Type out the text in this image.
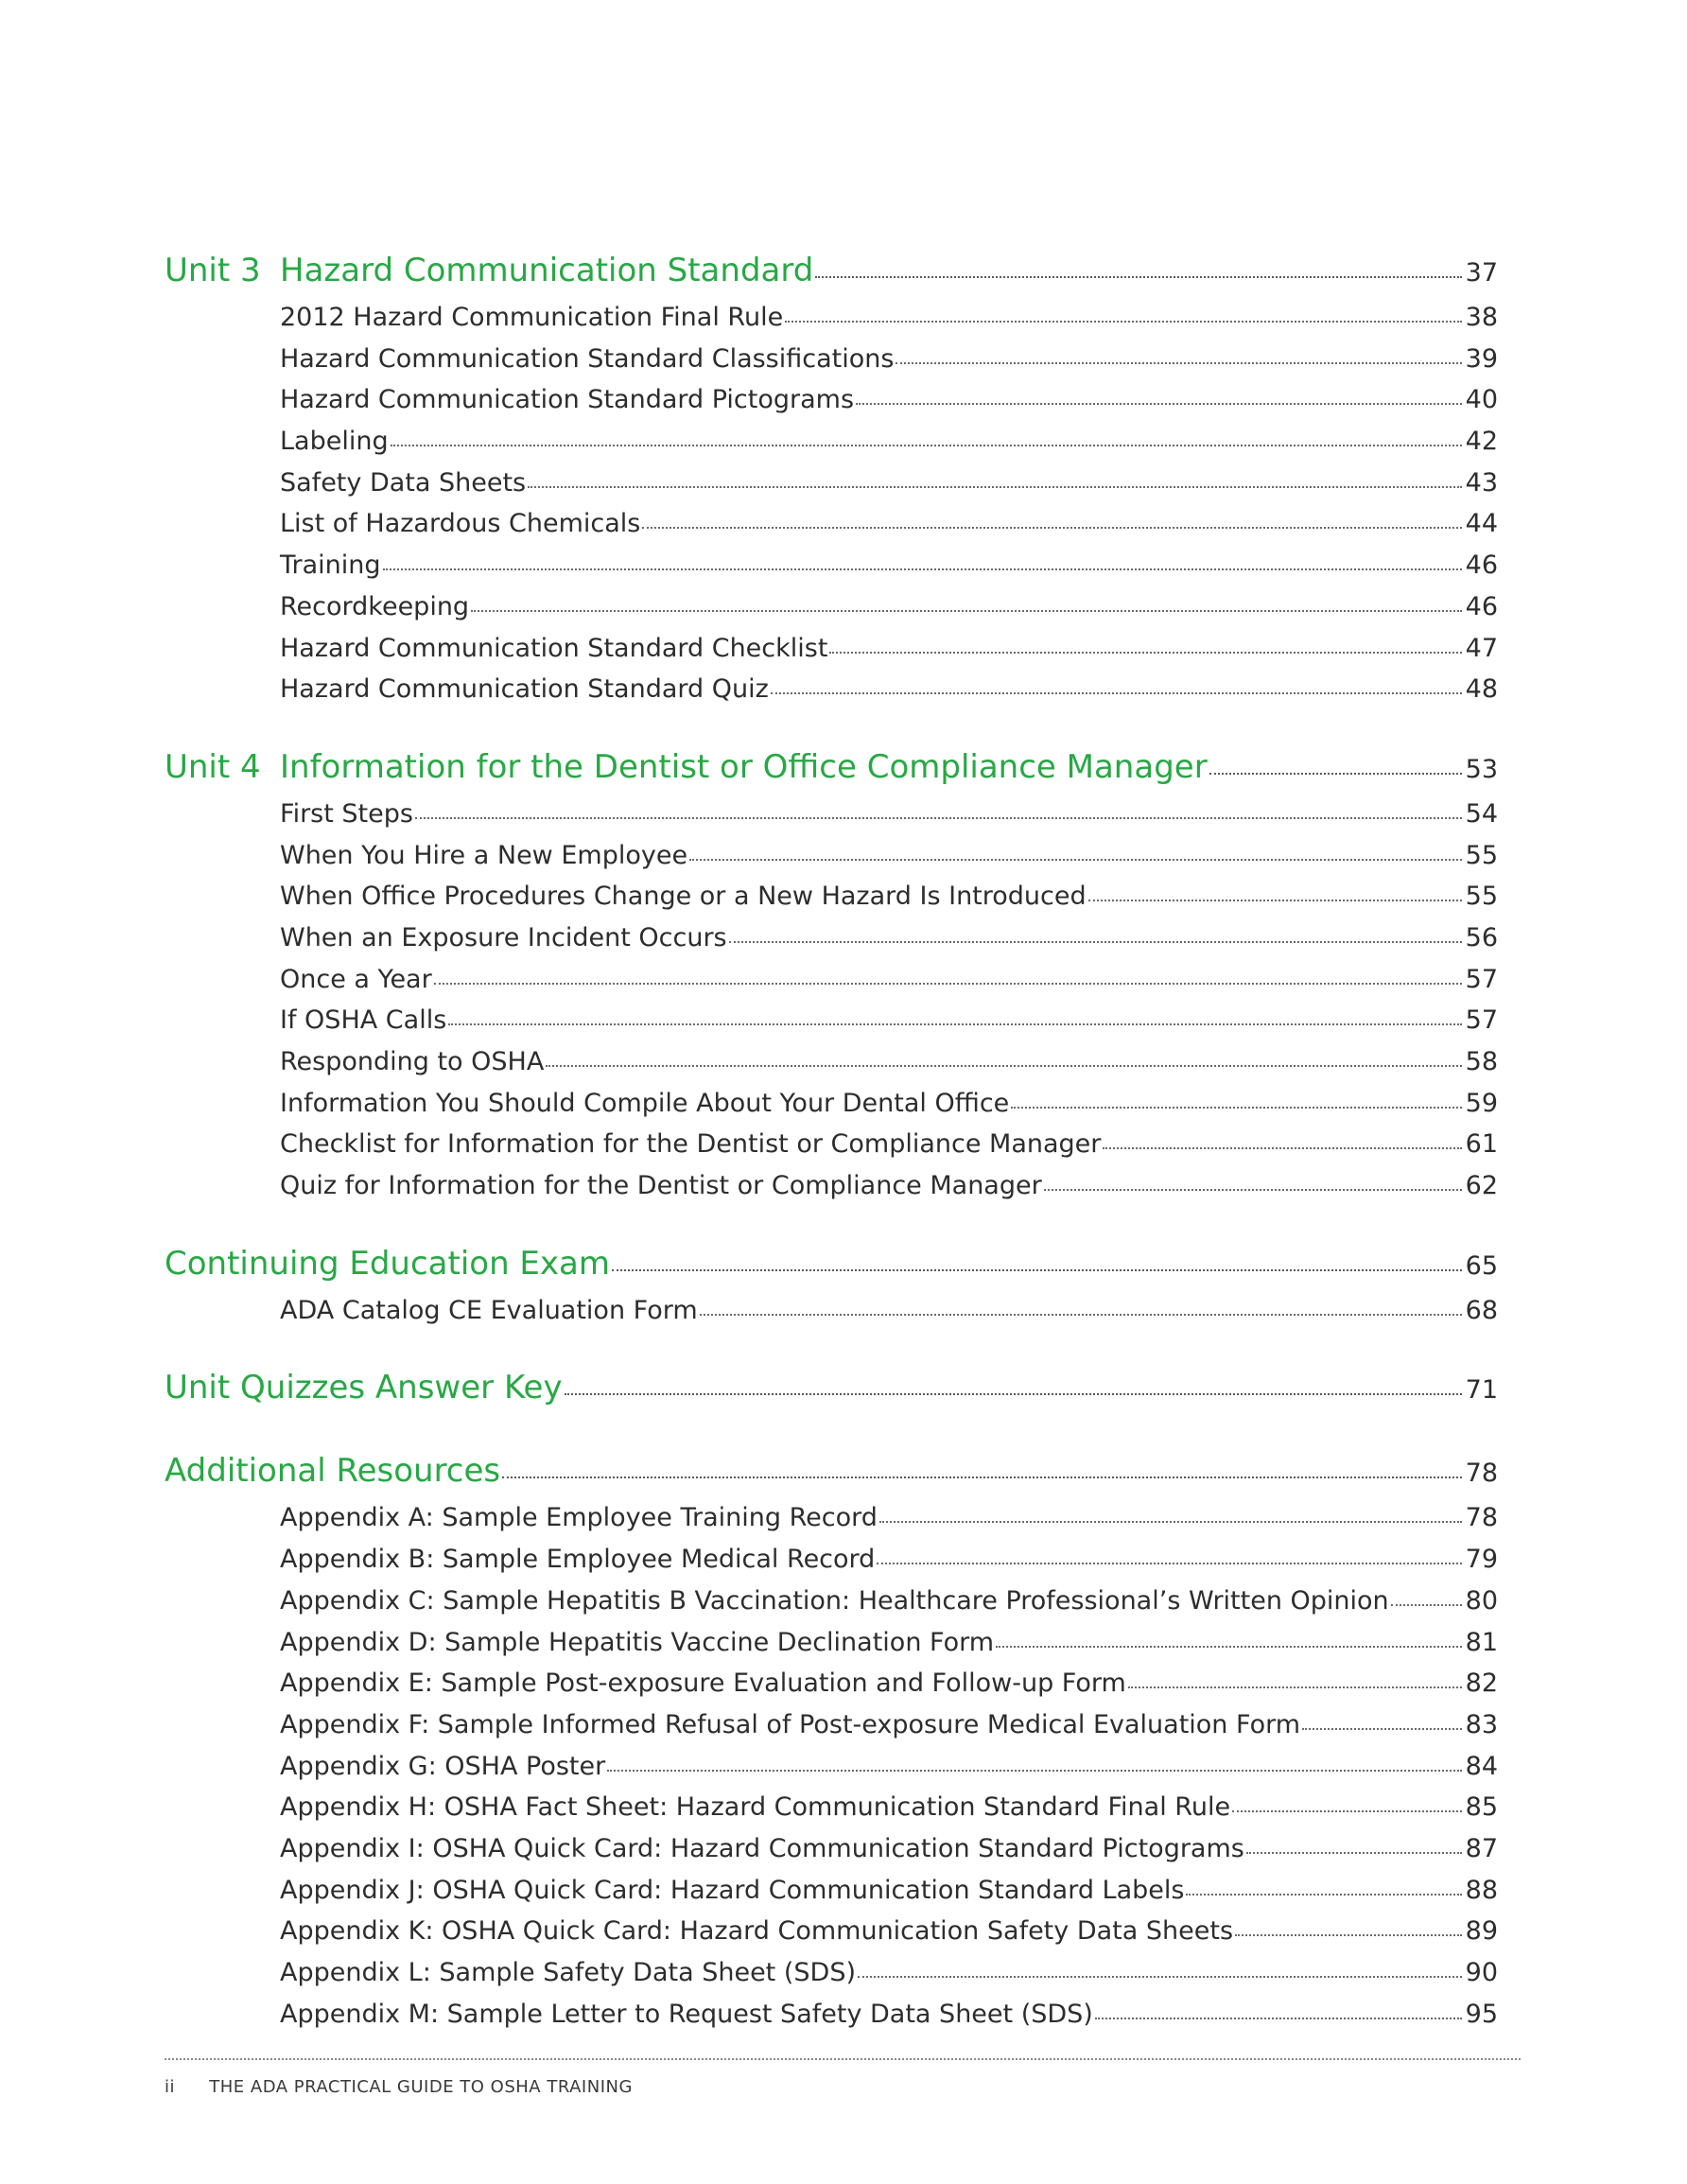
Unit 3 Hazard Communication Standard	37
2012 Hazard Communication Final Rule	38
Hazard Communication Standard Classifications	39
Hazard Communication Standard Pictograms	40
Labeling	42
Safety Data Sheets	43
List of Hazardous Chemicals	44
Training	46
Recordkeeping	46
Hazard Communication Standard Checklist	47
Hazard Communication Standard Quiz	48
Unit 4 Information for the Dentist or Office Compliance Manager	53
First Steps	54
When You Hire a New Employee	55
When Office Procedures Change or a New Hazard Is Introduced	55
When an Exposure Incident Occurs	56
Once a Year	57
If OSHA Calls	57
Responding to OSHA	58
Information You Should Compile About Your Dental Office	59
Checklist for Information for the Dentist or Compliance Manager	61
Quiz for Information for the Dentist or Compliance Manager	62
Continuing Education Exam	65
ADA Catalog CE Evaluation Form	68
Unit Quizzes Answer Key	71
Additional Resources	78
Appendix A: Sample Employee Training Record	78
Appendix B: Sample Employee Medical Record	79
Appendix C: Sample Hepatitis B Vaccination: Healthcare Professional’s Written Opinion	80
Appendix D: Sample Hepatitis Vaccine Declination Form	81
Appendix E: Sample Post-exposure Evaluation and Follow-up Form	82
Appendix F: Sample Informed Refusal of Post-exposure Medical Evaluation Form	83
Appendix G: OSHA Poster	84
Appendix H: OSHA Fact Sheet: Hazard Communication Standard Final Rule	85
Appendix I: OSHA Quick Card: Hazard Communication Standard Pictograms	87
Appendix J: OSHA Quick Card: Hazard Communication Standard Labels	88
Appendix K: OSHA Quick Card: Hazard Communication Safety Data Sheets	89
Appendix L: Sample Safety Data Sheet (SDS)	90
Appendix M: Sample Letter to Request Safety Data Sheet (SDS)	95
ii THE ADA PRACTICAL GUIDE TO OSHA TRAINING
